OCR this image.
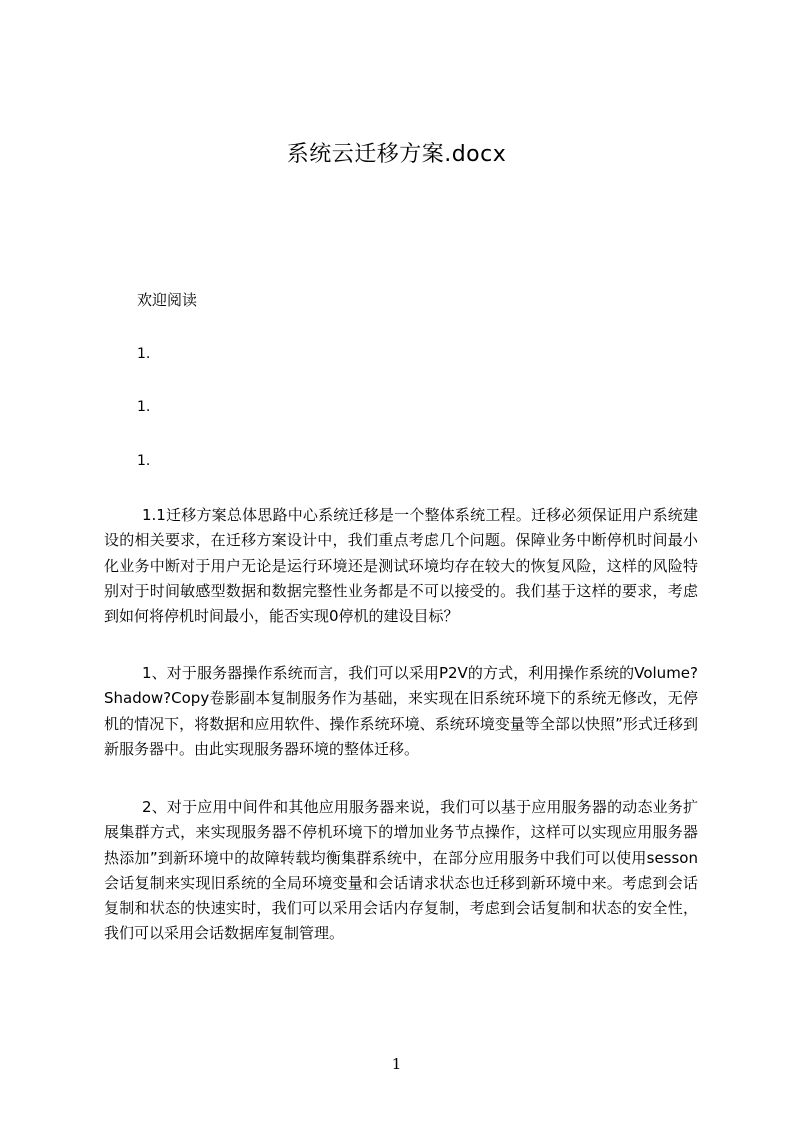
系统云迁移方案.docx
欢迎阅读
1.
1.
1.
1.1迁移方案总体思路中心系统迁移是一个整体系统工程。迁移必须保证用户系统建设的相关要求，在迁移方案设计中，我们重点考虑几个问题。保障业务中断停机时间最小化业务中断对于用户无论是运行环境还是测试环境均存在较大的恢复风险，这样的风险特别对于时间敏感型数据和数据完整性业务都是不可以接受的。我们基于这样的要求，考虑到如何将停机时间最小，能否实现0停机的建设目标？
1、对于服务器操作系统而言，我们可以采用P2V的方式，利用操作系统的Volume?Shadow?Copy卷影副本复制服务作为基础，来实现在旧系统环境下的系统无修改，无停机的情况下，将数据和应用软件、操作系统环境、系统环境变量等全部以快照”形式迁移到新服务器中。由此实现服务器环境的整体迁移。
2、对于应用中间件和其他应用服务器来说，我们可以基于应用服务器的动态业务扩展集群方式，来实现服务器不停机环境下的增加业务节点操作，这样可以实现应用服务器热添加”到新环境中的故障转载均衡集群系统中，在部分应用服务中我们可以使用sesson会话复制来实现旧系统的全局环境变量和会话请求状态也迁移到新环境中来。考虑到会话复制和状态的快速实时，我们可以采用会话内存复制，考虑到会话复制和状态的安全性，我们可以采用会话数据库复制管理。
1
